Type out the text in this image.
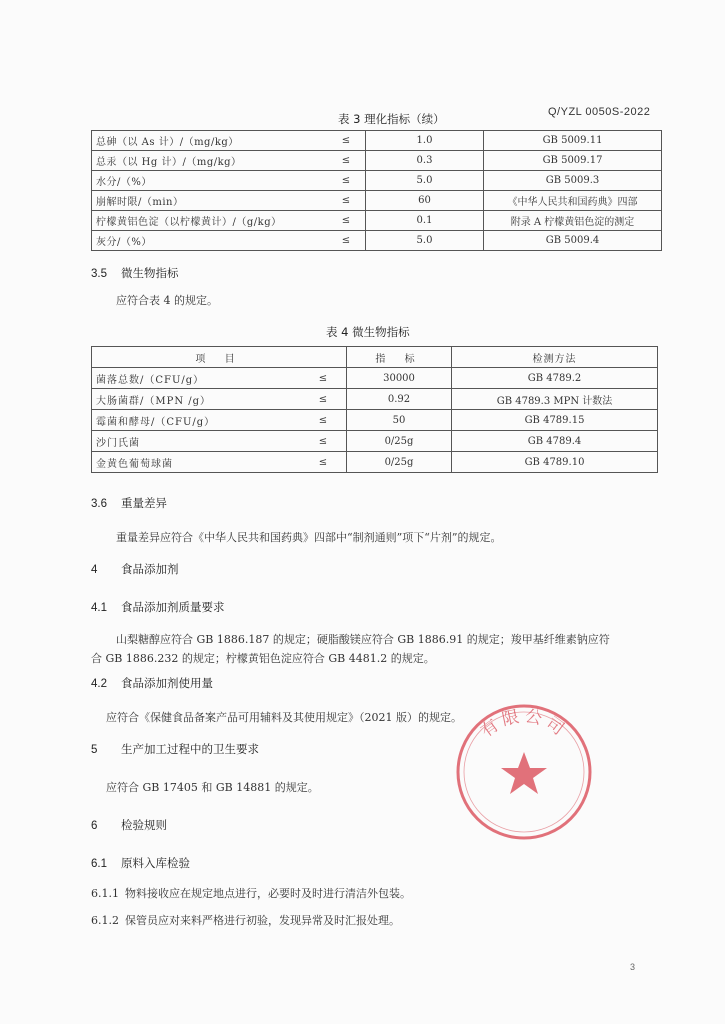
Q/YZL 0050S-2022
表 3 理化指标（续）
总砷（以 As 计）/（mg/kg）	≤	1.0	GB 5009.11
总汞（以 Hg 计）/（mg/kg）	≤	0.3	GB 5009.17
水分/（%）	≤	5.0	GB 5009.3
崩解时限/（min）	≤	60	《中华人民共和国药典》四部
柠檬黄铝色淀（以柠檬黄计）/（g/kg）	≤	0.1	附录 A 柠檬黄铝色淀的测定
灰分/（%）	≤	5.0	GB 5009.4
3.5 微生物指标
应符合表 4 的规定。
表 4 微生物指标
项 目		指 标	检测方法
菌落总数/（CFU/g）	≤	30000	GB 4789.2
大肠菌群/（MPN /g）	≤	0.92	GB 4789.3 MPN 计数法
霉菌和酵母/（CFU/g）	≤	50	GB 4789.15
沙门氏菌	≤	0/25g	GB 4789.4
金黄色葡萄球菌	≤	0/25g	GB 4789.10
3.6 重量差异
重量差异应符合《中华人民共和国药典》四部中“制剂通则”项下“片剂”的规定。
4 食品添加剂
4.1 食品添加剂质量要求
山梨糖醇应符合 GB 1886.187 的规定；硬脂酸镁应符合 GB 1886.91 的规定；羧甲基纤维素钠应符
合 GB 1886.232 的规定；柠檬黄铝色淀应符合 GB 4481.2 的规定。
4.2 食品添加剂使用量
应符合《保健食品备案产品可用辅料及其使用规定》（2021 版）的规定。
5 生产加工过程中的卫生要求
应符合 GB 17405 和 GB 14881 的规定。
6 检验规则
6.1 原料入库检验
6.1.1 物料接收应在规定地点进行，必要时及时进行清洁外包装。
6.1.2 保管员应对来料严格进行初验，发现异常及时汇报处理。
3
有限公司
